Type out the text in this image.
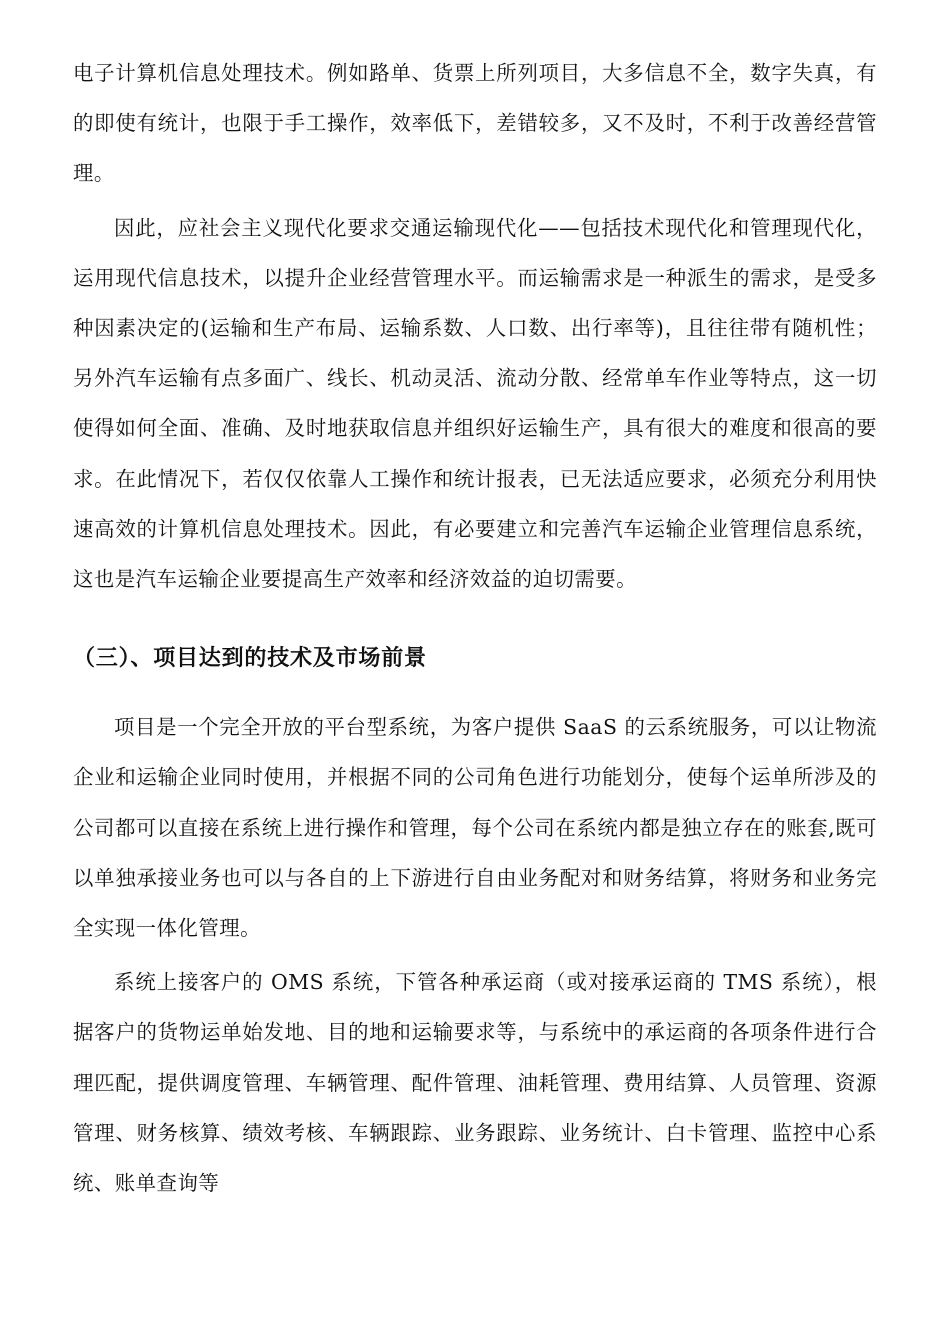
电子计算机信息处理技术。例如路单、货票上所列项目，大多信息不全，数字失真，有的即使有统计，也限于手工操作，效率低下，差错较多，又不及时，不利于改善经营管理。

因此，应社会主义现代化要求交通运输现代化——包括技术现代化和管理现代化，运用现代信息技术，以提升企业经营管理水平。而运输需求是一种派生的需求，是受多种因素决定的(运输和生产布局、运输系数、人口数、出行率等)，且往往带有随机性；另外汽车运输有点多面广、线长、机动灵活、流动分散、经常单车作业等特点，这一切使得如何全面、准确、及时地获取信息并组织好运输生产，具有很大的难度和很高的要求。在此情况下，若仅仅依靠人工操作和统计报表，已无法适应要求，必须充分利用快速高效的计算机信息处理技术。因此，有必要建立和完善汽车运输企业管理信息系统，这也是汽车运输企业要提高生产效率和经济效益的迫切需要。

（三）、项目达到的技术及市场前景

项目是一个完全开放的平台型系统，为客户提供 SaaS 的云系统服务，可以让物流企业和运输企业同时使用，并根据不同的公司角色进行功能划分，使每个运单所涉及的公司都可以直接在系统上进行操作和管理，每个公司在系统内都是独立存在的账套,既可以单独承接业务也可以与各自的上下游进行自由业务配对和财务结算，将财务和业务完全实现一体化管理。

系统上接客户的 OMS 系统，下管各种承运商（或对接承运商的 TMS 系统），根据客户的货物运单始发地、目的地和运输要求等，与系统中的承运商的各项条件进行合理匹配，提供调度管理、车辆管理、配件管理、油耗管理、费用结算、人员管理、资源管理、财务核算、绩效考核、车辆跟踪、业务跟踪、业务统计、白卡管理、监控中心系统、账单查询等
